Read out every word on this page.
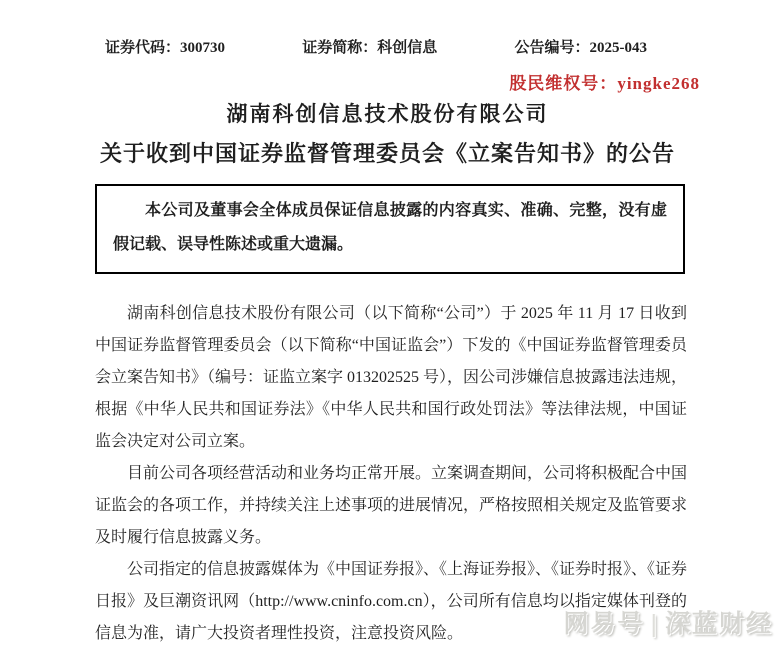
证券代码：300730	证券简称：科创信息	公告编号：2025-043
股民维权号：yingke268
湖南科创信息技术股份有限公司
关于收到中国证券监督管理委员会《立案告知书》的公告

本公司及董事会全体成员保证信息披露的内容真实、准确、完整，没有虚假记载、误导性陈述或重大遗漏。

湖南科创信息技术股份有限公司（以下简称“公司”）于 2025 年 11 月 17 日收到中国证券监督管理委员会（以下简称“中国证监会”）下发的《中国证券监督管理委员会立案告知书》（编号：证监立案字 013202525 号），因公司涉嫌信息披露违法违规，根据《中华人民共和国证券法》《中华人民共和国行政处罚法》等法律法规，中国证监会决定对公司立案。

目前公司各项经营活动和业务均正常开展。立案调查期间，公司将积极配合中国证监会的各项工作，并持续关注上述事项的进展情况，严格按照相关规定及监管要求及时履行信息披露义务。

公司指定的信息披露媒体为《中国证券报》、《上海证券报》、《证券时报》、《证券日报》及巨潮资讯网（http://www.cninfo.com.cn），公司所有信息均以指定媒体刊登的信息为准，请广大投资者理性投资，注意投资风险。	网易号 | 深蓝财经
